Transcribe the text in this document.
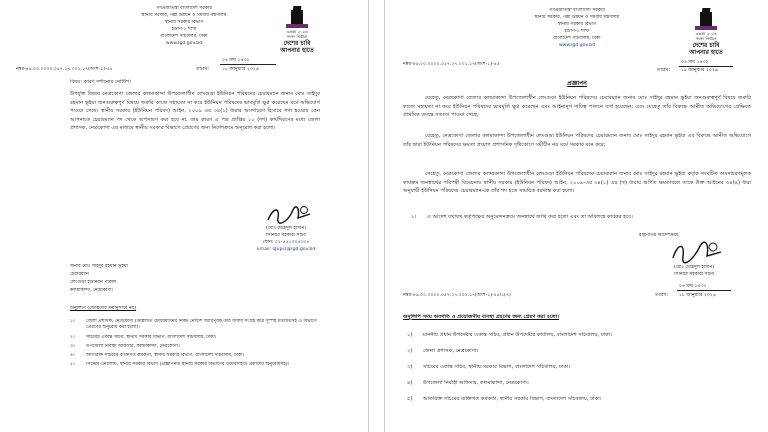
গণপ্রজাতন্ত্রী বাংলাদেশ সরকার
স্থানীয় সরকার, পল্লী উন্নয়ন ও সমবায় মন্ত্রণালয়
স্থানীয় সরকার বিভাগ
ইউপি-১ শাখা
বাংলাদেশ সচিবালয়, ঢাকা
www.lgd.gov.bd
৩৩তম ২০২৬
সংসদ নির্বাচন
দেশের চাবি আপনার হাতে
০৪ মাঘ ১৪৩২
নম্বর-৪৬.০০.০০০০.০৫৭.২৭.০০১.১৭(অংশ-১)-৫৪	তারিখ:	১৮ জানুয়ারি ২০২৬
বিষয়: কারণ দর্শানোর নোটিশ।
উপর্যুক্ত বিষয়ে নেত্রকোণা জেলার কলমাকান্দা উপজেলাধীন লেংগুড়া ইউনিয়ন পরিষদের চেয়ারম্যান জনাব মোঃ সাইদুর রহমান ভূইয়া জনগুরুত্বপূর্ণ বিষয়ে জরুরি কাজে সহায়তা না করে ইউনিয়ন পরিষদের ভাবমূর্তি ক্ষুণ্ণ করেছেন মর্মে অভিযোগ পাওয়া গেছে। স্থানীয় সরকার (ইউনিয়ন পরিষদ) আইন, ২০০৯ এর ৩৪(১) ধারার অসদাচরণ হিসাবে গণ্য হওয়ায় কেন আপনাকে চেয়ারম্যান পদ থেকে অপসারণ করা হবে না, তার কারণ এ পত্র প্রাপ্তির ১০ (দশ) কার্যদিবসের মধ্যে জেলা প্রশাসক, নেত্রকোণা এর মাধ্যমে স্থানীয় সরকার বিভাগে প্রেরণের জন্য নির্দেশক্রমে অনুরোধ করা হলো।
(মোঃ মেহেদুল হাসান)
সিনিয়র সহকারী সচিব
ফোন: ০২-৫৫১০০৫৩৩৪
Email: lgupi1@lgd.gov.bd
জনাব মোঃ সাইদুর রহমান ভূইয়া
চেয়ারম্যান
লেংগুড়া ইউনিয়ন পরিষদ
কলমাকান্দা, নেত্রকোণা।
অনুলিপি (জ্যেষ্ঠতার ক্রমানুসারে নয়)
১।	জেলা প্রশাসক, নেত্রকোণা (উল্লিখিত চেয়ারম্যানের নিকট নোটিশ জারিপূর্বক তার জবাব সংগ্রহ করে সুস্পষ্ট মতামতসহ এ বিভাগে প্রেরণের অনুরোধ করা হলো)।
২।	সচিবের একান্ত সচিব, স্থানীয় সরকার বিভাগ, বাংলাদেশ সচিবালয়, ঢাকা।
৩।	উপজেলা নির্বাহী অফিসার, কলমাকান্দা, নেত্রকোণা।
৪।	অতিরিক্ত সচিবের ব্যক্তিগত কর্মকর্তা, স্থানীয় সরকার বিভাগ, বাংলাদেশ সচিবালয়, ঢাকা।
৫।	সিস্টেম এনালিস্ট, স্থানীয় সরকার বিভাগ (প্রজ্ঞাপনটি স্থানীয় সরকার বিভাগের ওয়েবসাইটে প্রকাশের অনুরোধসহ)।
গণপ্রজাতন্ত্রী বাংলাদেশ সরকার
স্থানীয় সরকার, পল্লী উন্নয়ন ও সমবায় মন্ত্রণালয়
স্থানীয় সরকার বিভাগ
ইউপি-১ শাখা
বাংলাদেশ সচিবালয়, ঢাকা
www.lgd.gov.bd
৩৩তম ২০২৬
সংসদ নির্বাচন
দেশের চাবি আপনার হাতে
০৪ মাঘ ১৪৩২
নম্বর-৪৬.০০.০০০০.০৫৭.২৭.০০১.১৭(অংশ-১)-৫৫
তারিখ:	১৮ জানুয়ারি ২০২৬
প্রজ্ঞাপন
যেহেতু, নেত্রকোণা জেলার কলমাকান্দা উপজেলাধীন লেংগুড়া ইউনিয়ন পরিষদের চেয়ারম্যান জনাব মোঃ সাইদুর রহমান ভূইয়া জনগুরুত্বপূর্ণ বিষয়ে জরুরি কাজে সহায়তা না করে ইউনিয়ন পরিষদের ভাবমূর্তি ক্ষুণ্ণ করেছেন এবং আইনানুগ দায়িত্ব পালনে ব্যর্থ হয়েছেন; এবং যেহেতু তাঁর বিরুদ্ধে আনীত অভিযোগের প্রেক্ষিতে প্রাথমিক তদন্তে সত্যতা পাওয়া গেছে;
যেহেতু, নেত্রকোণা জেলার কলমাকান্দা উপজেলাধীন লেংগুড়া ইউনিয়ন পরিষদের চেয়ারম্যান জনাব মোঃ সাইদুর রহমান ভূইয়া এর বিরুদ্ধে আনীত অভিযোগে তাঁর দ্বারা ইউনিয়ন পরিষদের ক্ষমতা প্রয়োগ প্রশাসনিক দৃষ্টিকোণে সমীচীন নয় মর্মে সরকার মনে করে;
সেহেতু, নেত্রকোণা জেলার কলমাকান্দা উপজেলাধীন লেংগুড়া ইউনিয়ন পরিষদের চেয়ারম্যান জনাব মোঃ সাইদুর রহমান ভূইয়া কর্তৃক সংঘটিত অসদাচরণমূলক কার্যক্রম জনস্বার্থের পরিপন্থী বিবেচনায় স্থানীয় সরকার (ইউনিয়ন পরিষদ) আইন, ২০০৯-এর ৩৪(১) এর (খ) ধারায় অর্পিত ক্ষমতাবলে তাকে উক্ত আইনের ৩৪(৪) ধারা অনুযায়ী ইউনিয়ন পরিষদের চেয়ারম্যান-কে তাঁর পদ হতে সাময়িক বরখাস্ত করা হলো।
২।	এ আদেশ যথাযথ কর্তৃপক্ষের অনুমোদনক্রমে জনস্বার্থে জারি করা হলো এবং তা অবিলম্বে কার্যকর হবে।
রাষ্ট্রপতির আদেশক্রমে,
(মোঃ মেহেদুল হাসান)
সিনিয়র সহকারী সচিব
০৪ মাঘ ১৪৩২
নম্বর-৪৬.০০.০০০০.০৫৭.২৭.০০১.১৭(অংশ-১)-৫৫/১(৭)	তারিখ:	১৮ জানুয়ারি ২০২৬
অনুলিপি সদয় অবগতি ও প্রয়োজনীয় ব্যবস্থা গ্রহণের জন্য প্রেরণ করা হলো।
১)	মাননীয় প্রধান উপদেষ্টার একান্ত সচিব, প্রধান উপদেষ্টার কার্যালয়, বাংলাদেশ সচিবালয়, ঢাকা।
২)	জেলা প্রশাসক, নেত্রকোণা।
৩)	সচিবের একান্ত সচিব, স্থানীয় সরকার বিভাগ, বাংলাদেশ সচিবালয়, ঢাকা।
৪)	উপজেলা নির্বাহী অফিসার, কলমাকান্দা, নেত্রকোণা।
৫)	অতিরিক্ত সচিবের ব্যক্তিগত কর্মকর্তা, স্থানীয় সরকার বিভাগ, বাংলাদেশ সচিবালয়, ঢাকা।
